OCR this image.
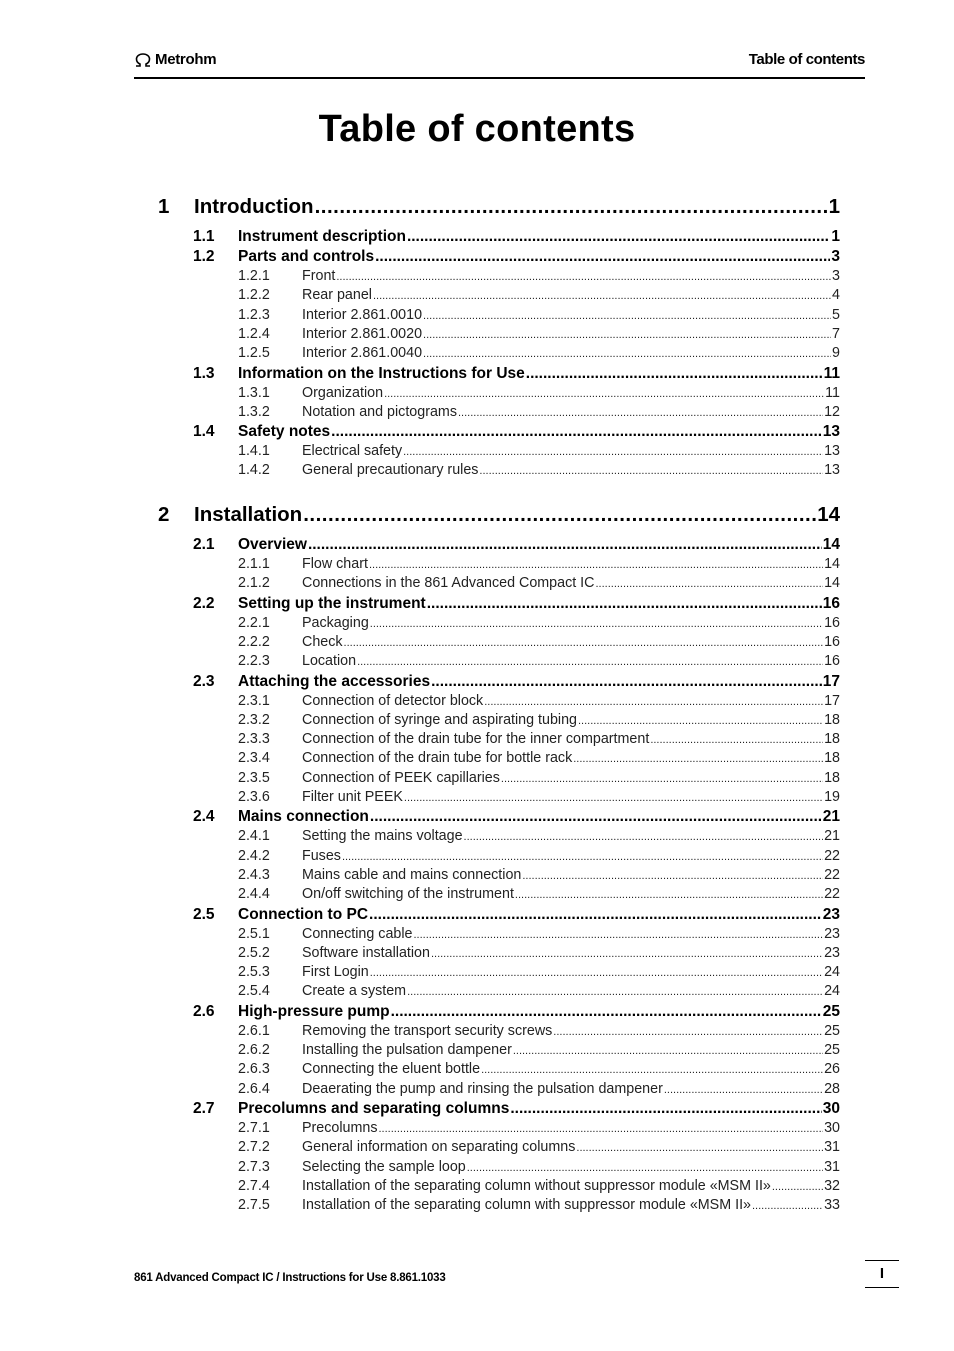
Metrohm	Table of contents
Table of contents
1 Introduction .....	1
1.1 Instrument description .....	1
1.2 Parts and controls .....	3
1.2.1 Front .....	3
1.2.2 Rear panel .....	4
1.2.3 Interior 2.861.0010 .....	5
1.2.4 Interior 2.861.0020 .....	7
1.2.5 Interior 2.861.0040 .....	9
1.3 Information on the Instructions for Use .....	11
1.3.1 Organization .....	11
1.3.2 Notation and pictograms .....	12
1.4 Safety notes .....	13
1.4.1 Electrical safety .....	13
1.4.2 General precautionary rules .....	13
2 Installation .....	14
2.1 Overview .....	14
2.1.1 Flow chart .....	14
2.1.2 Connections in the 861 Advanced Compact IC .....	14
2.2 Setting up the instrument .....	16
2.2.1 Packaging .....	16
2.2.2 Check .....	16
2.2.3 Location .....	16
2.3 Attaching the accessories .....	17
2.3.1 Connection of detector block .....	17
2.3.2 Connection of syringe and aspirating tubing .....	18
2.3.3 Connection of the drain tube for the inner compartment .....	18
2.3.4 Connection of the drain tube for bottle rack .....	18
2.3.5 Connection of PEEK capillaries .....	18
2.3.6 Filter unit PEEK .....	19
2.4 Mains connection .....	21
2.4.1 Setting the mains voltage .....	21
2.4.2 Fuses .....	22
2.4.3 Mains cable and mains connection .....	22
2.4.4 On/off switching of the instrument .....	22
2.5 Connection to PC .....	23
2.5.1 Connecting cable .....	23
2.5.2 Software installation .....	23
2.5.3 First Login .....	24
2.5.4 Create a system .....	24
2.6 High-pressure pump .....	25
2.6.1 Removing the transport security screws .....	25
2.6.2 Installing the pulsation dampener .....	25
2.6.3 Connecting the eluent bottle .....	26
2.6.4 Deaerating the pump and rinsing the pulsation dampener .....	28
2.7 Precolumns and separating columns .....	30
2.7.1 Precolumns .....	30
2.7.2 General information on separating columns .....	31
2.7.3 Selecting the sample loop .....	31
2.7.4 Installation of the separating column without suppressor module «MSM II» .....	32
2.7.5 Installation of the separating column with suppressor module «MSM II» .....	33
861 Advanced Compact IC / Instructions for Use 8.861.1033	I
